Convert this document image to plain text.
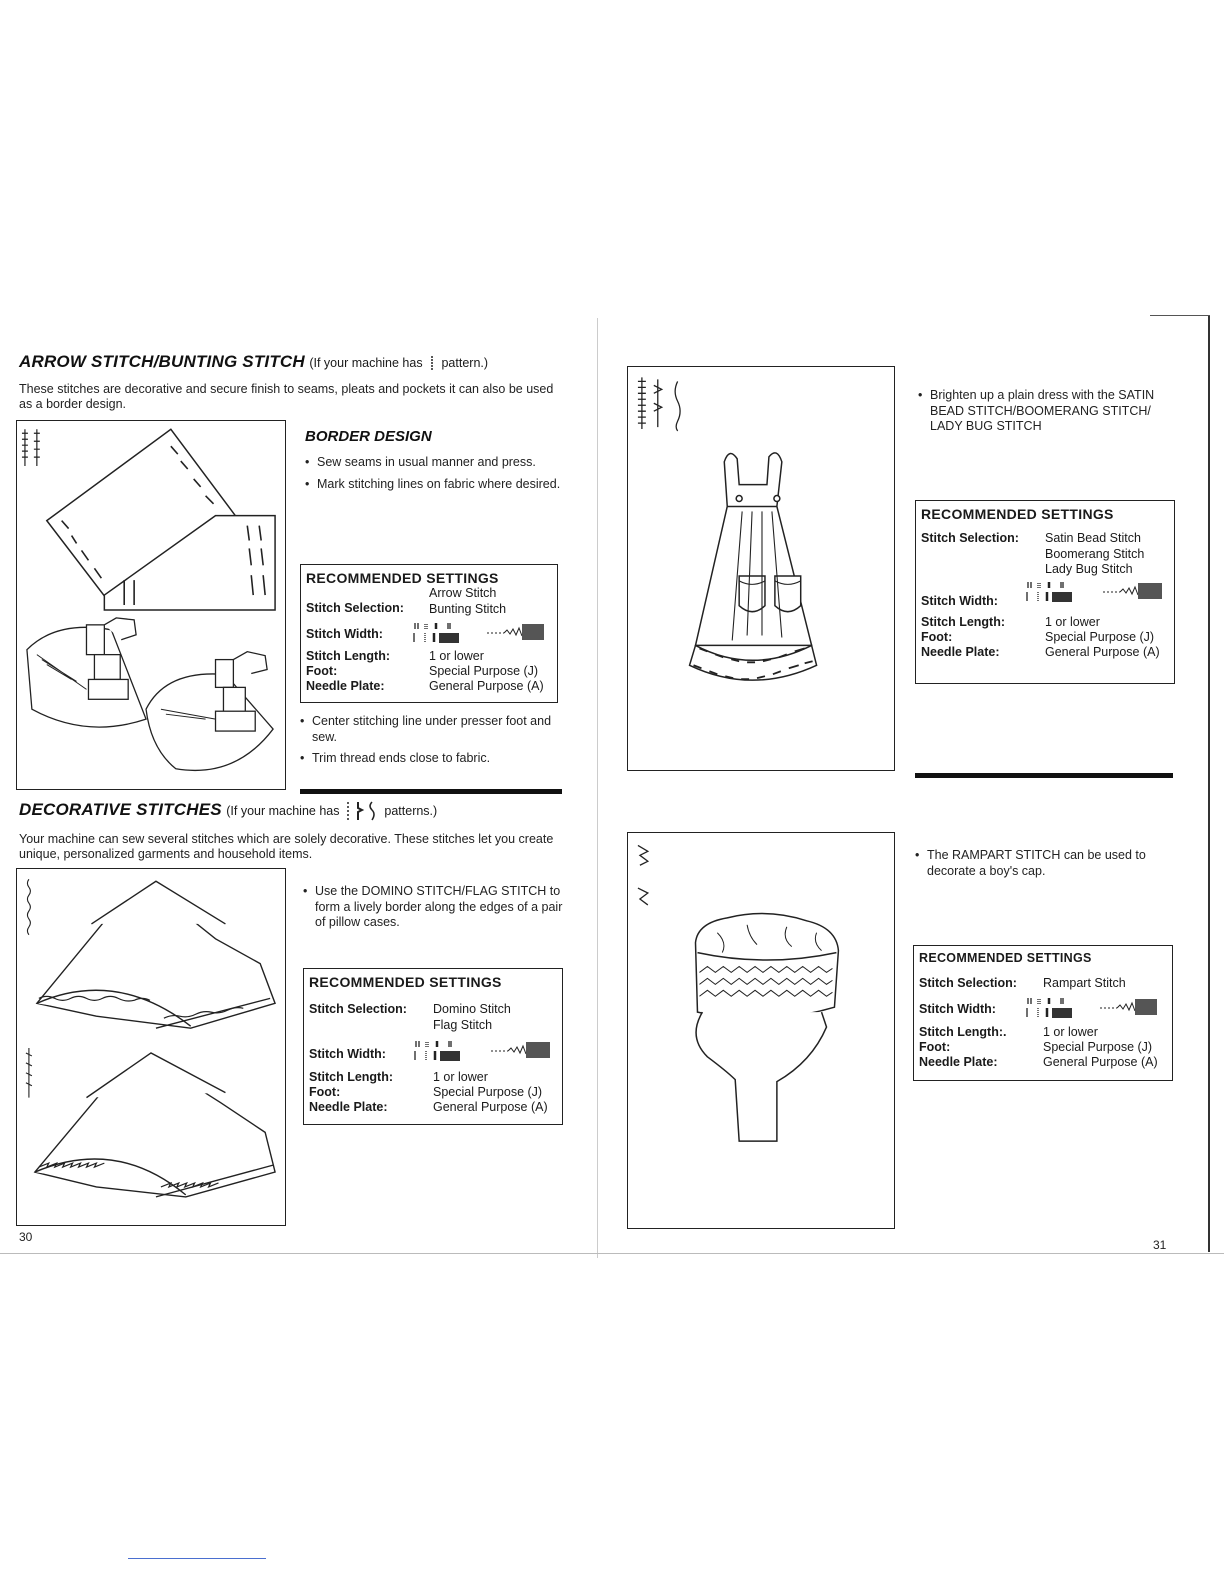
ARROW STITCH/BUNTING STITCH (If your machine has pattern.)
These stitches are decorative and secure finish to seams, pleats and pockets it can also be used as a border design.
BORDER DESIGN
• Sew seams in usual manner and press.
• Mark stitching lines on fabric where desired.
RECOMMENDED SETTINGS
Stitch Selection:
Arrow Stitch
Bunting Stitch
Stitch Width:
Stitch Length:	1 or lower
Foot:	Special Purpose (J)
Needle Plate:	General Purpose (A)
• Center stitching line under presser foot and sew.
• Trim thread ends close to fabric.
DECORATIVE STITCHES (If your machine has	patterns.)
Your machine can sew several stitches which are solely decorative. These stitches let you create unique, personalized garments and household items.
• Use the DOMINO STITCH/FLAG STITCH to form a lively border along the edges of a pair of pillow cases.
RECOMMENDED SETTINGS
Stitch Selection:	Domino Stitch
Flag Stitch
Stitch Width:
Stitch Length:	1 or lower
Foot:	Special Purpose (J)
Needle Plate:	General Purpose (A)
30
• Brighten up a plain dress with the SATIN BEAD STITCH/BOOMERANG STITCH/ LADY BUG STITCH
RECOMMENDED SETTINGS
Stitch Selection:	Satin Bead Stitch
Boomerang Stitch
Lady Bug Stitch
Stitch Width:
Stitch Length:	1 or lower
Foot:	Special Purpose (J)
Needle Plate:	General Purpose (A)
• The RAMPART STITCH can be used to decorate a boy's cap.
RECOMMENDED SETTINGS
Stitch Selection:	Rampart Stitch
Stitch Width:
Stitch Length:.	1 or lower
Foot:	Special Purpose (J)
Needle Plate:	General Purpose (A)
31
